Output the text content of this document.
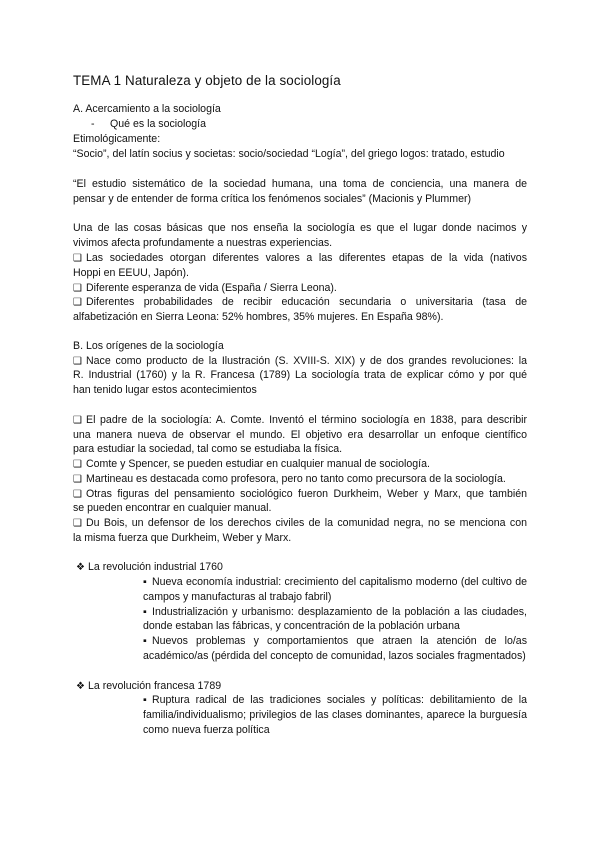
TEMA 1 Naturaleza y objeto de la sociología
A. Acercamiento a la sociología
- Qué es la sociología
Etimológicamente:
“Socio”, del latín socius y societas: socio/sociedad “Logía”, del griego logos: tratado, estudio
“El estudio sistemático de la sociedad humana, una toma de conciencia, una manera de
pensar y de entender de forma crítica los fenómenos sociales” (Macionis y Plummer)
Una de las cosas básicas que nos enseña la sociología es que el lugar donde nacimos y
vivimos afecta profundamente a nuestras experiencias.
❑ Las sociedades otorgan diferentes valores a las diferentes etapas de la vida (nativos
Hoppi en EEUU, Japón).
❑ Diferente esperanza de vida (España / Sierra Leona).
❑ Diferentes probabilidades de recibir educación secundaria o universitaria (tasa de
alfabetización en Sierra Leona: 52% hombres, 35% mujeres. En España 98%).
B. Los orígenes de la sociología
❑ Nace como producto de la Ilustración (S. XVIII-S. XIX) y de dos grandes revoluciones: la
R. Industrial (1760) y la R. Francesa (1789) La sociología trata de explicar cómo y por qué
han tenido lugar estos acontecimientos
❑ El padre de la sociología: A. Comte. Inventó el término sociología en 1838, para describir
una manera nueva de observar el mundo. El objetivo era desarrollar un enfoque científico
para estudiar la sociedad, tal como se estudiaba la física.
❑ Comte y Spencer, se pueden estudiar en cualquier manual de sociología.
❑ Martineau es destacada como profesora, pero no tanto como precursora de la sociología.
❑ Otras figuras del pensamiento sociológico fueron Durkheim, Weber y Marx, que también
se pueden encontrar en cualquier manual.
❑ Du Bois, un defensor de los derechos civiles de la comunidad negra, no se menciona con
la misma fuerza que Durkheim, Weber y Marx.
❖ La revolución industrial 1760
▪ Nueva economía industrial: crecimiento del capitalismo moderno (del cultivo de
campos y manufacturas al trabajo fabril)
▪ Industrialización y urbanismo: desplazamiento de la población a las ciudades,
donde estaban las fábricas, y concentración de la población urbana
▪ Nuevos problemas y comportamientos que atraen la atención de lo/as
académico/as (pérdida del concepto de comunidad, lazos sociales fragmentados)
❖ La revolución francesa 1789
▪ Ruptura radical de las tradiciones sociales y políticas: debilitamiento de la
familia/individualismo; privilegios de las clases dominantes, aparece la burguesía
como nueva fuerza política
